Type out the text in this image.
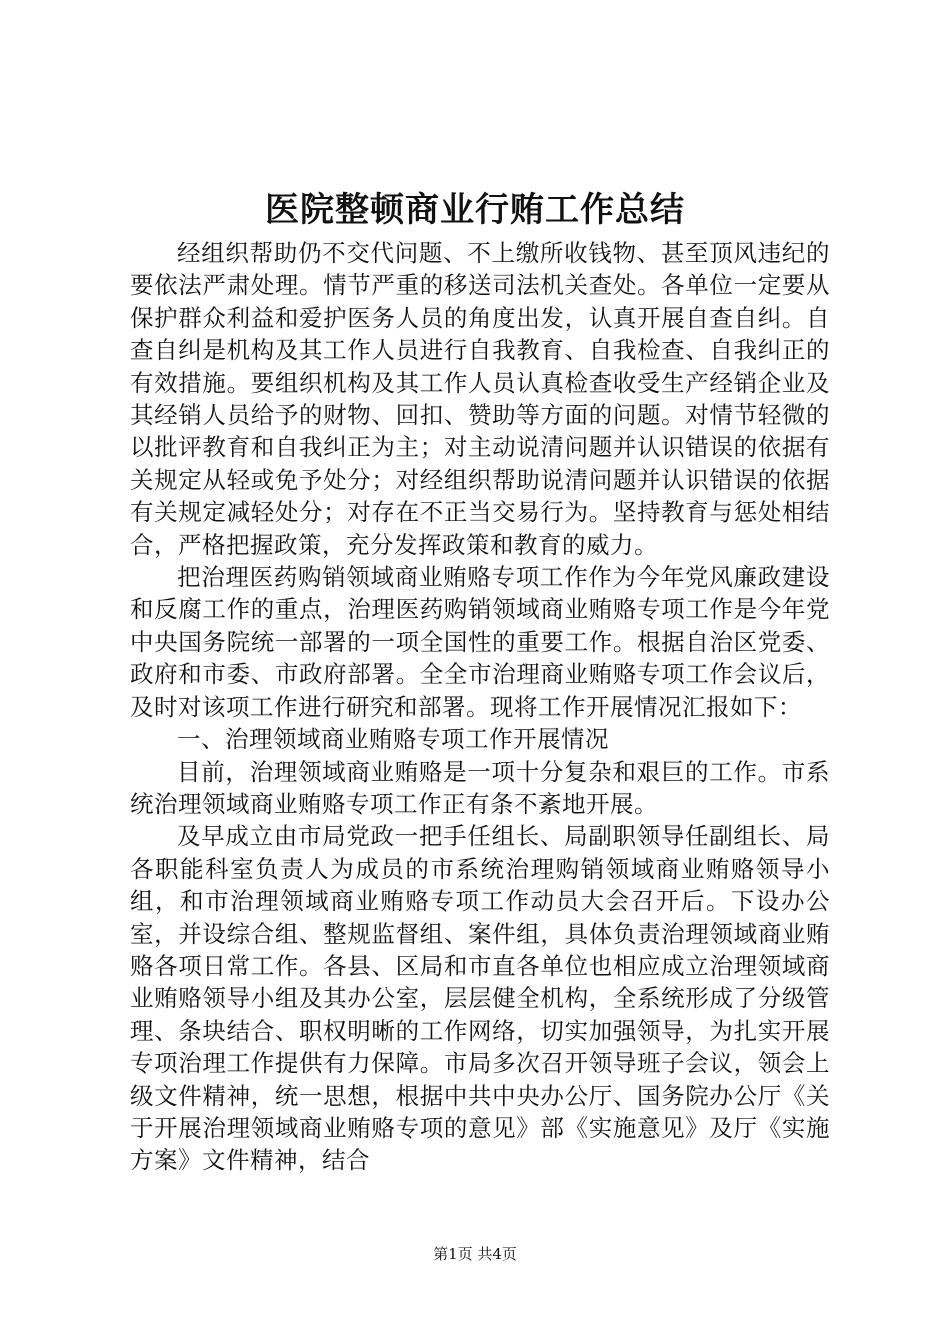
医院整顿商业行贿工作总结

经组织帮助仍不交代问题、不上缴所收钱物、甚至顶风违纪的要依法严肃处理。情节严重的移送司法机关查处。各单位一定要从保护群众利益和爱护医务人员的角度出发，认真开展自查自纠。自查自纠是机构及其工作人员进行自我教育、自我检查、自我纠正的有效措施。要组织机构及其工作人员认真检查收受生产经销企业及其经销人员给予的财物、回扣、赞助等方面的问题。对情节轻微的以批评教育和自我纠正为主；对主动说清问题并认识错误的依据有关规定从轻或免予处分；对经组织帮助说清问题并认识错误的依据有关规定减轻处分；对存在不正当交易行为。坚持教育与惩处相结合，严格把握政策，充分发挥政策和教育的威力。

把治理医药购销领域商业贿赂专项工作作为今年党风廉政建设和反腐工作的重点，治理医药购销领域商业贿赂专项工作是今年党中央国务院统一部署的一项全国性的重要工作。根据自治区党委、政府和市委、市政府部署。全全市治理商业贿赂专项工作会议后，及时对该项工作进行研究和部署。现将工作开展情况汇报如下：

一、治理领域商业贿赂专项工作开展情况

目前，治理领域商业贿赂是一项十分复杂和艰巨的工作。市系统治理领域商业贿赂专项工作正有条不紊地开展。

及早成立由市局党政一把手任组长、局副职领导任副组长、局各职能科室负责人为成员的市系统治理购销领域商业贿赂领导小组，和市治理领域商业贿赂专项工作动员大会召开后。下设办公室，并设综合组、整规监督组、案件组，具体负责治理领域商业贿赂各项日常工作。各县、区局和市直各单位也相应成立治理领域商业贿赂领导小组及其办公室，层层健全机构，全系统形成了分级管理、条块结合、职权明晰的工作网络，切实加强领导，为扎实开展专项治理工作提供有力保障。市局多次召开领导班子会议，领会上级文件精神，统一思想，根据中共中央办公厅、国务院办公厅《关于开展治理领域商业贿赂专项的意见》部《实施意见》及厅《实施方案》文件精神，结合

第1页 共4页
